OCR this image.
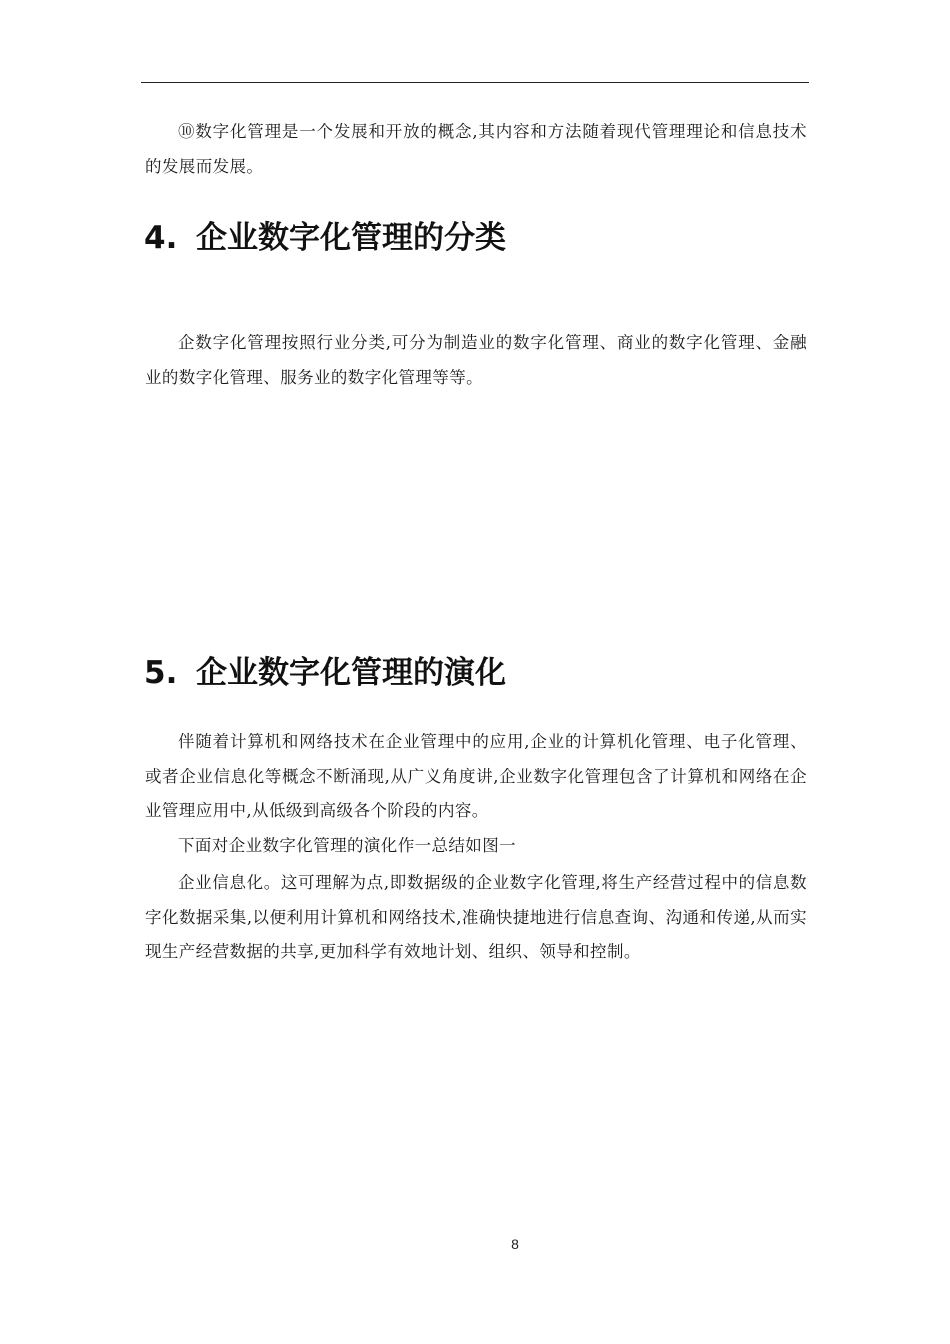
⑩数字化管理是一个发展和开放的概念,其内容和方法随着现代管理理论和信息技术的发展而发展。

4. 企业数字化管理的分类

企数字化管理按照行业分类,可分为制造业的数字化管理、商业的数字化管理、金融业的数字化管理、服务业的数字化管理等等。

5. 企业数字化管理的演化

伴随着计算机和网络技术在企业管理中的应用,企业的计算机化管理、电子化管理、或者企业信息化等概念不断涌现,从广义角度讲,企业数字化管理包含了计算机和网络在企业管理应用中,从低级到高级各个阶段的内容。

下面对企业数字化管理的演化作一总结如图一

企业信息化。这可理解为点,即数据级的企业数字化管理,将生产经营过程中的信息数字化数据采集,以便利用计算机和网络技术,准确快捷地进行信息查询、沟通和传递,从而实现生产经营数据的共享,更加科学有效地计划、组织、领导和控制。

8
